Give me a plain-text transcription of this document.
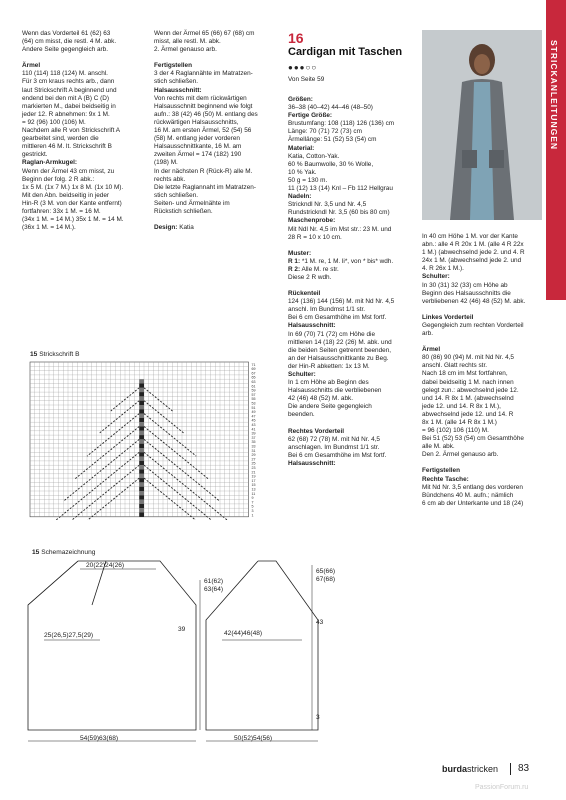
STRICKANLEITUNGEN

Wenn das Vorderteil 61 (62) 63
(64) cm misst, die restl. 4 M. abk.
Andere Seite gegengleich arb.

Ärmel

110 (114) 118 (124) M. anschl.
Für 3 cm kraus rechts arb., dann
laut Strickschrift A beginnend und
endend bei den mit A (B) C (D)
markierten M., dabei beidseitig in
jeder 12. R abnehmen: 9x 1 M.
= 92 (96) 100 (106) M.
Nachdem alle R von Strickschrift A
gearbeitet sind, werden die
mittleren 46 M. lt. Strickschrift B
gestrickt.

Raglan-Armkugel:

Wenn der Ärmel 43 cm misst, zu
Beginn der folg. 2 R abk.:
1x 5 M. (1x 7 M.) 1x 8 M. (1x 10 M).
Mit den Abn. beidseitig in jeder
Hin-R (3 M. von der Kante entfernt)
fortfahren: 33x 1 M. = 16 M.
(34x 1 M. = 14 M.) 35x 1 M. = 14 M.
(36x 1 M. = 14 M.).

Wenn der Ärmel 65 (66) 67 (68) cm
misst, alle restl. M. abk.
2. Ärmel genauso arb.

Fertigstellen

3 der 4 Raglannähte im Matratzen-
stich schließen.

Halsausschnitt:

Von rechts mit dem rückwärtigen
Halsausschnitt beginnend wie folgt
aufn.: 38 (42) 46 (50) M. entlang des
rückwärtigen Halsausschnitts,
16 M. am ersten Ärmel, 52 (54) 56
(58) M. entlang jeder vorderen
Halsausschnittkante, 16 M. am
zweiten Ärmel = 174 (182) 190
(198) M.
In der nächsten R (Rück-R) alle M.
rechts abk.
Die letzte Raglannaht im Matratzen-
stich schließen.
Seiten- und Ärmelnähte im
Rückstich schließen.

Design: Katia

16
Cardigan mit Taschen
●●●○○

Von Seite 59

Größen:

36–38 (40–42) 44–46 (48–50)

Fertige Größe:

Brustumfang: 108 (118) 126 (136) cm
Länge: 70 (71) 72 (73) cm
Ärmellänge: 51 (52) 53 (54) cm

Material:

Katia, Cotton-Yak.
60 % Baumwolle, 30 % Wolle,
10 % Yak.
50 g = 130 m.
11 (12) 13 (14) Knl – Fb 112 Hellgrau

Nadeln:

Strickndl Nr. 3,5 und Nr. 4,5
Rundstrickndl Nr. 3,5 (60 bis 80 cm)

Maschenprobe:

Mit Ndl Nr. 4,5 im Mst str.: 23 M. und
28 R = 10 x 10 cm.

Muster:

R 1: *1 M. re, 1 M. li*, von * bis* wdh.

R 2: Alle M. re str.

Diese 2 R wdh.

Rückenteil

124 (136) 144 (156) M. mit Nd Nr. 4,5
anschl. Im Bundmst 1/1 str.
Bei 6 cm Gesamthöhe im Mst fortf.

Halsausschnitt:

In 69 (70) 71 (72) cm Höhe die
mittleren 14 (18) 22 (26) M. abk. und
die beiden Seiten getrennt beenden,
an der Halsausschnittkante zu Beg.
der Hin-R abketten: 1x 13 M.

Schulter:

In 1 cm Höhe ab Beginn des
Halsausschnitts die verbliebenen
42 (46) 48 (52) M. abk.
Die andere Seite gegengleich
beenden.

Rechtes Vorderteil

62 (68) 72 (78) M. mit Nd Nr. 4,5
anschlagen. Im Bundmst 1/1 str.
Bei 6 cm Gesamthöhe im Mst fortf.

Halsausschnitt:

In 40 cm Höhe 1 M. vor der Kante
abn.: alle 4 R 20x 1 M. (alle 4 R 22x
1 M.) (abwechselnd jede 2. und 4. R
24x 1 M. (abwechselnd jede 2. und
4. R 26x 1 M.).

Schulter:

In 30 (31) 32 (33) cm Höhe ab
Beginn des Halsausschnitts die
verbliebenen 42 (46) 48 (52) M. abk.

Linkes Vorderteil

Gegengleich zum rechten Vorderteil
arb.

Ärmel

80 (86) 90 (94) M. mit Nd Nr. 4,5
anschl. Glatt rechts str.
Nach 18 cm im Mst fortfahren,
dabei beidseitig 1 M. nach innen
gelegt zun.: abwechselnd jede 12.
und 14. R 8x 1 M. (abwechselnd
jede 12. und 14. R 8x 1 M.),
abwechselnd jede 12. und 14. R
8x 1 M. (alle 14 R 8x 1 M.)
= 96 (102) 106 (110) M.
Bei 51 (52) 53 (54) cm Gesamthöhe
alle M. abk.
Den 2. Ärmel genauso arb.

Fertigstellen

Rechte Tasche:

Mit Nd Nr. 3,5 entlang des vorderen
Bündchens 40 M. aufn.; nämlich
6 cm ab der Unterkante und 18 (24)

15 Strickschrift B
71
69
67
65
63
61
59
57
55
53
51
49
47
45
43
41
39
37
35
33
31
29
27
25
23
21
19
17
15
13
11
9
7
5
3
1
15 Schemazeichnung
20(22)24(26)
61(62)
63(64)
25(26,5)27,5(29)
39
54(59)63(68)
42(44)46(48)
50(52)54(56)
65(66)
67(68)
43
3
burdastricken 83
PassionForum.ru
